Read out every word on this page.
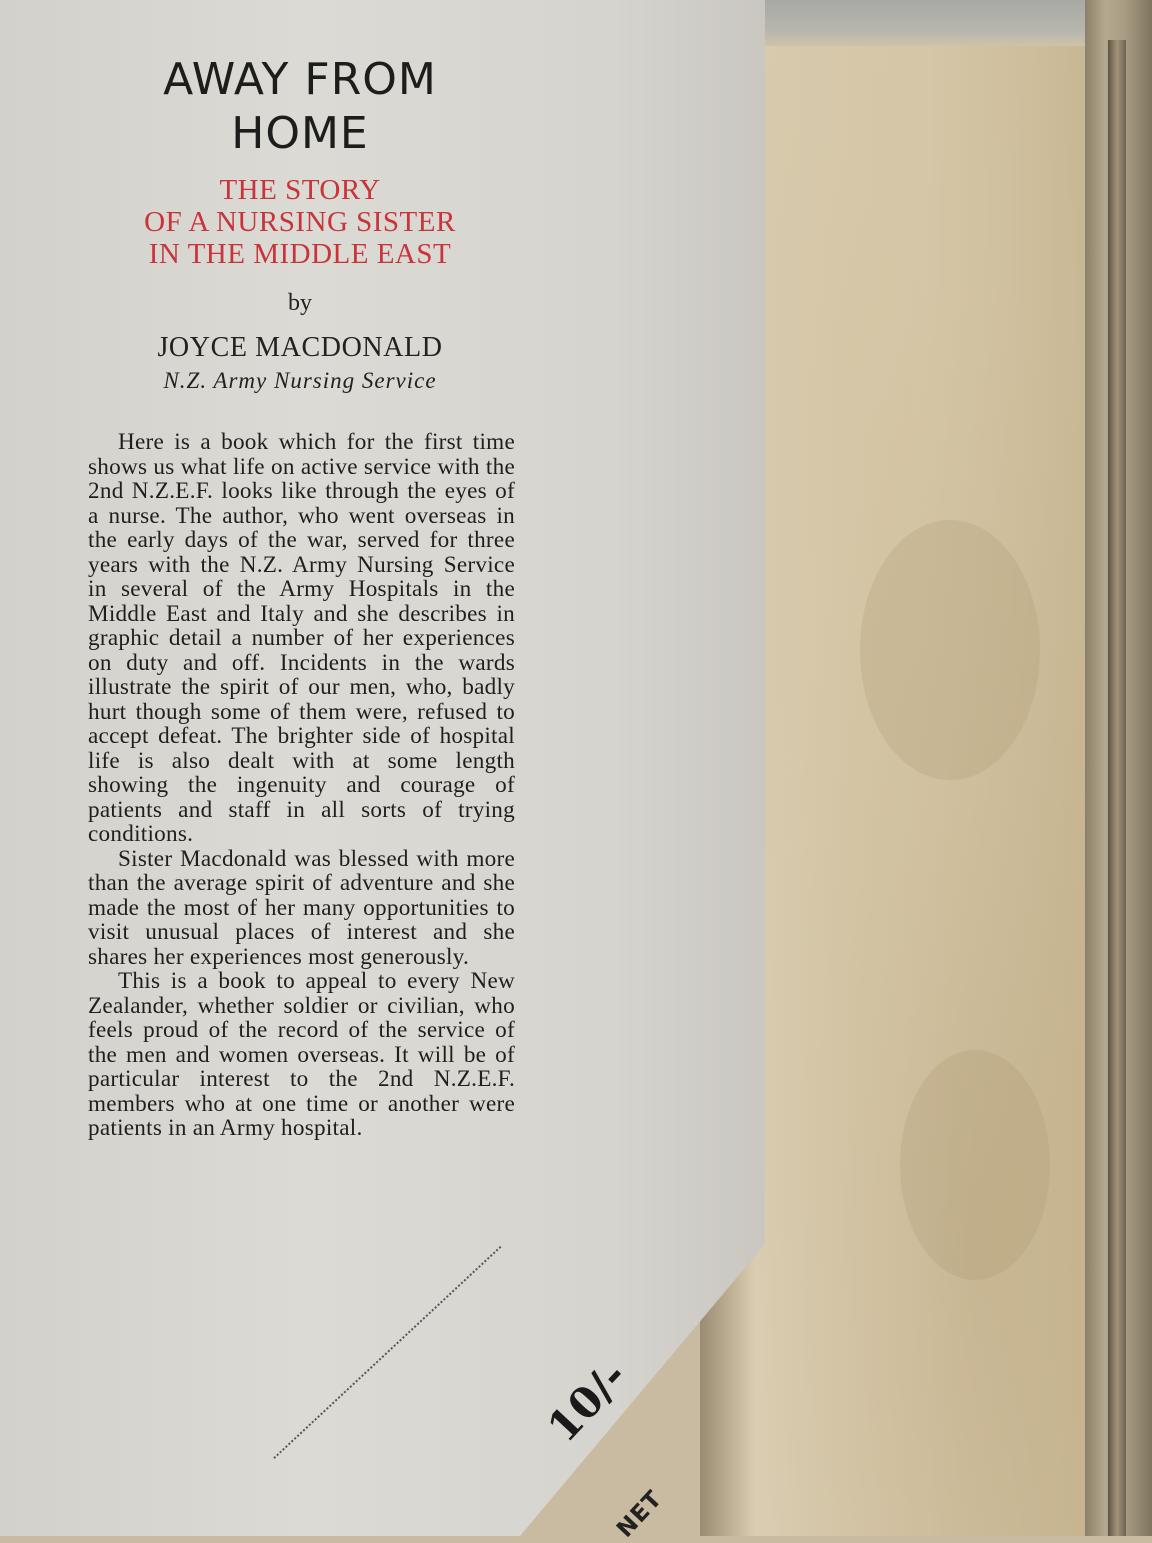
AWAY FROM
HOME
THE STORY
OF A NURSING SISTER
IN THE MIDDLE EAST
by
JOYCE MACDONALD
N.Z. Army Nursing Service

Here is a book which for the first time shows us what life on active service with the 2nd N.Z.E.F. looks like through the eyes of a nurse. The author, who went overseas in the early days of the war, served for three years with the N.Z. Army Nursing Service in several of the Army Hospitals in the Middle East and Italy and she describes in graphic detail a number of her experiences on duty and off. Incidents in the wards illustrate the spirit of our men, who, badly hurt though some of them were, refused to accept defeat. The brighter side of hospital life is also dealt with at some length showing the ingenuity and courage of patients and staff in all sorts of trying conditions.

Sister Macdonald was blessed with more than the average spirit of adventure and she made the most of her many opportunities to visit unusual places of interest and she shares her experiences most generously.

This is a book to appeal to every New Zealander, whether soldier or civilian, who feels proud of the record of the service of the men and women overseas. It will be of particular interest to the 2nd N.Z.E.F. members who at one time or another were patients in an Army hospital.

10/-
NET
